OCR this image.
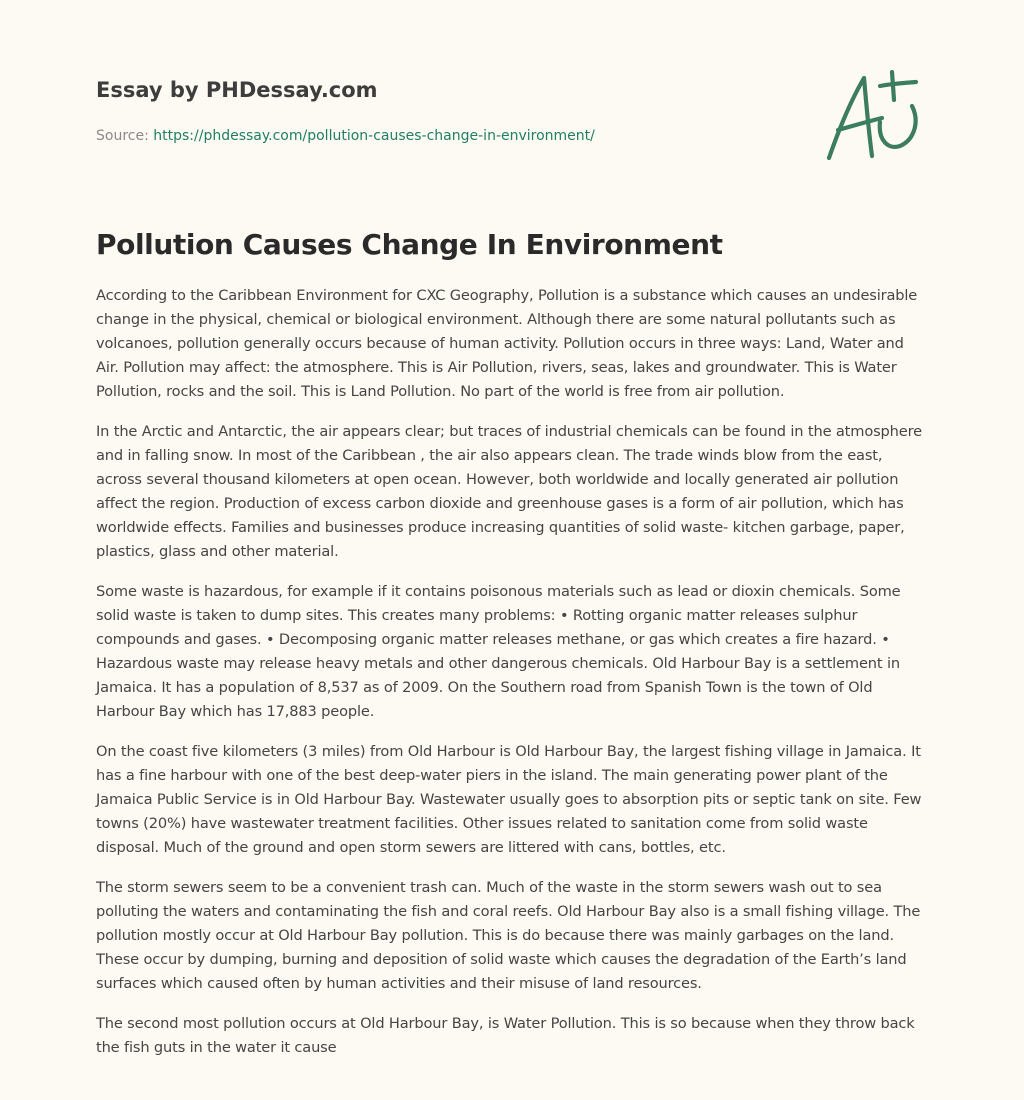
Essay by PHDessay.com
Source: https://phdessay.com/pollution-causes-change-in-environment/
Pollution Causes Change In Environment

According to the Caribbean Environment for CXC Geography, Pollution is a substance which causes an undesirable change in the physical, chemical or biological environment. Although there are some natural pollutants such as volcanoes, pollution generally occurs because of human activity. Pollution occurs in three ways: Land, Water and Air. Pollution may affect: the atmosphere. This is Air Pollution, rivers, seas, lakes and groundwater. This is Water Pollution, rocks and the soil. This is Land Pollution. No part of the world is free from air pollution.

In the Arctic and Antarctic, the air appears clear; but traces of industrial chemicals can be found in the atmosphere and in falling snow. In most of the Caribbean , the air also appears clean. The trade winds blow from the east, across several thousand kilometers at open ocean. However, both worldwide and locally generated air pollution affect the region. Production of excess carbon dioxide and greenhouse gases is a form of air pollution, which has worldwide effects. Families and businesses produce increasing quantities of solid waste- kitchen garbage, paper, plastics, glass and other material.

Some waste is hazardous, for example if it contains poisonous materials such as lead or dioxin chemicals. Some solid waste is taken to dump sites. This creates many problems: • Rotting organic matter releases sulphur compounds and gases. • Decomposing organic matter releases methane, or gas which creates a fire hazard. • Hazardous waste may release heavy metals and other dangerous chemicals. Old Harbour Bay is a settlement in Jamaica. It has a population of 8,537 as of 2009. On the Southern road from Spanish Town is the town of Old Harbour Bay which has 17,883 people.

On the coast five kilometers (3 miles) from Old Harbour is Old Harbour Bay, the largest fishing village in Jamaica. It has a fine harbour with one of the best deep-water piers in the island. The main generating power plant of the Jamaica Public Service is in Old Harbour Bay. Wastewater usually goes to absorption pits or septic tank on site. Few towns (20%) have wastewater treatment facilities. Other issues related to sanitation come from solid waste disposal. Much of the ground and open storm sewers are littered with cans, bottles, etc.

The storm sewers seem to be a convenient trash can. Much of the waste in the storm sewers wash out to sea polluting the waters and contaminating the fish and coral reefs. Old Harbour Bay also is a small fishing village. The pollution mostly occur at Old Harbour Bay pollution. This is do because there was mainly garbages on the land. These occur by dumping, burning and deposition of solid waste which causes the degradation of the Earth’s land surfaces which caused often by human activities and their misuse of land resources.

The second most pollution occurs at Old Harbour Bay, is Water Pollution. This is so because when they throw back the fish guts in the water it cause
